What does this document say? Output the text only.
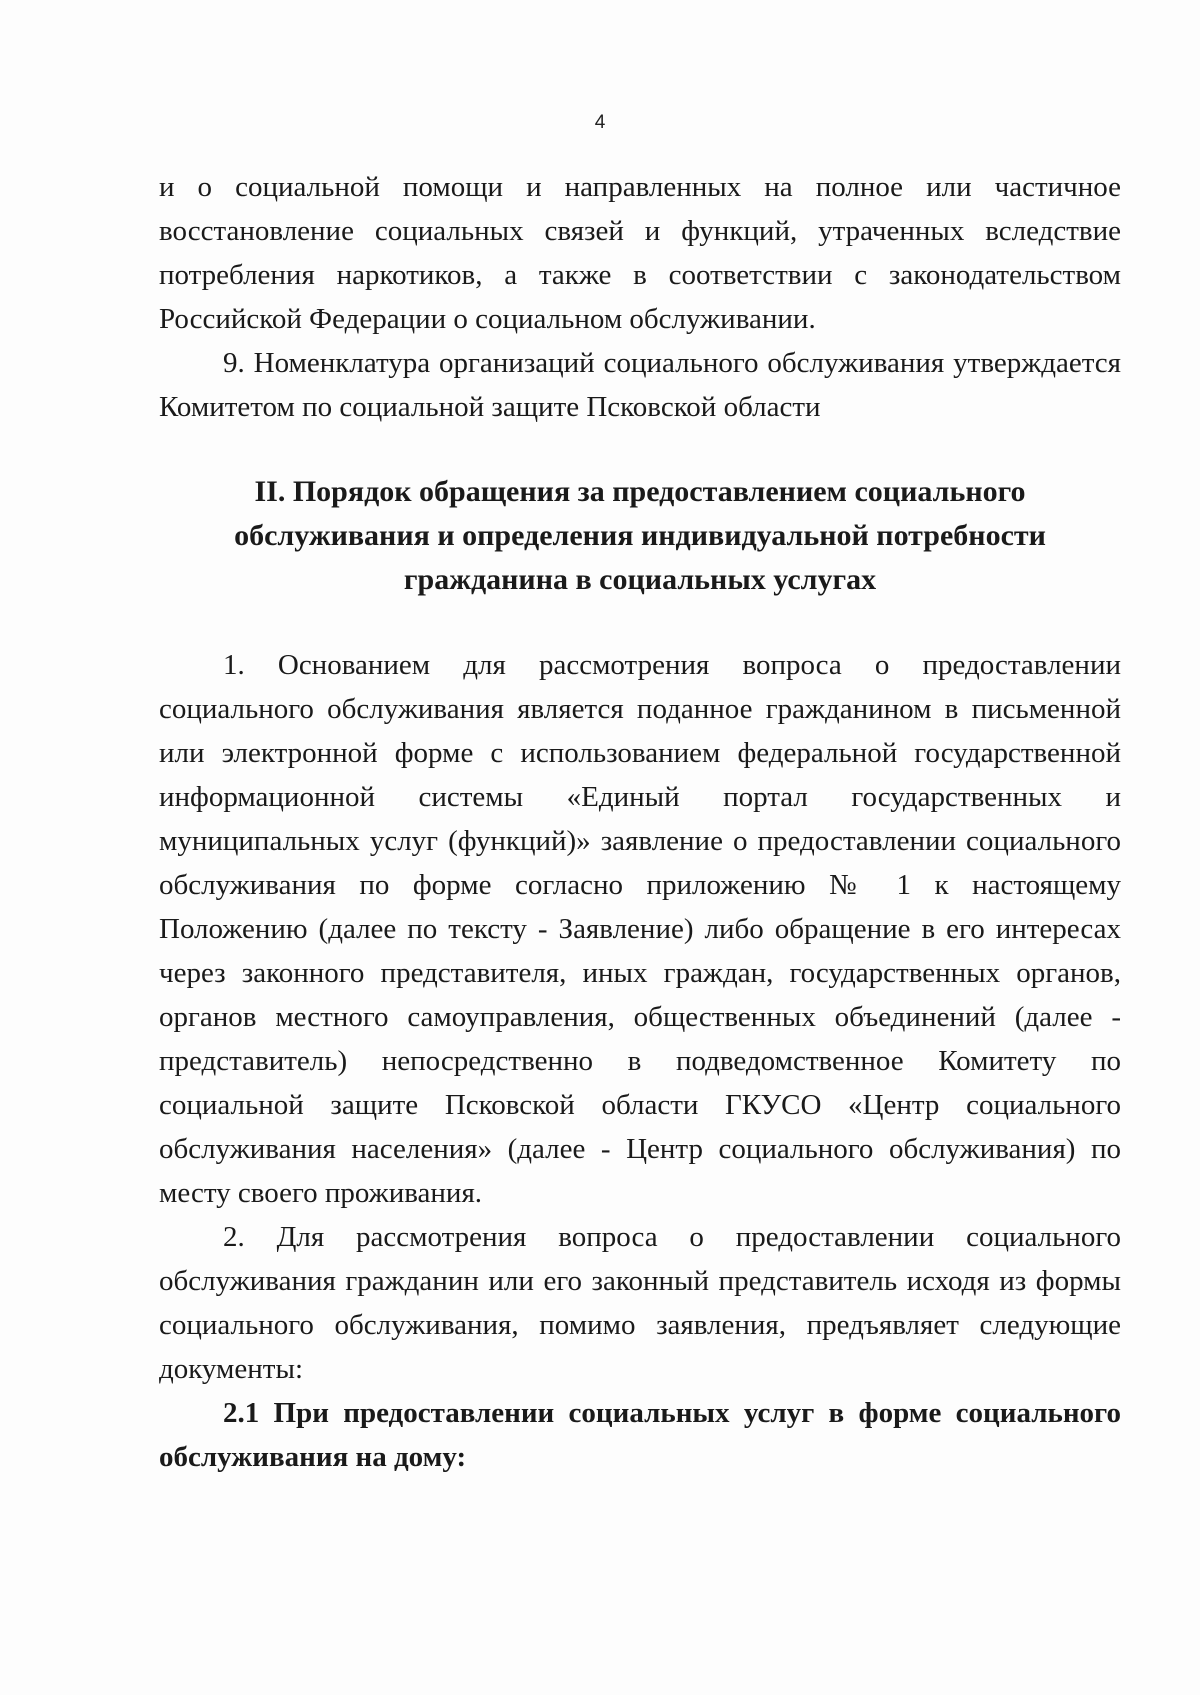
4

и о социальной помощи и направленных на полное или частичное восстановление социальных связей и функций, утраченных вследствие потребления наркотиков, а также в соответствии с законодательством Российской Федерации о социальном обслуживании.

9. Номенклатура организаций социального обслуживания утверждается Комитетом по социальной защите Псковской области

II. Порядок обращения за предоставлением социального
обслуживания и определения индивидуальной потребности
гражданина в социальных услугах

1. Основанием для рассмотрения вопроса о предоставлении социального обслуживания является поданное гражданином в письменной или электронной форме с использованием федеральной государственной информационной системы «Единый портал государственных и муниципальных услуг (функций)» заявление о предоставлении социального обслуживания по форме согласно приложению № 1 к настоящему Положению (далее по тексту - Заявление) либо обращение в его интересах через законного представителя, иных граждан, государственных органов, органов местного самоуправления, общественных объединений (далее - представитель) непосредственно в подведомственное Комитету по социальной защите Псковской области ГКУСО «Центр социального обслуживания населения» (далее - Центр социального обслуживания) по месту своего проживания.

2. Для рассмотрения вопроса о предоставлении социального обслуживания гражданин или его законный представитель исходя из формы социального обслуживания, помимо заявления, предъявляет следующие документы:

2.1 При предоставлении социальных услуг в форме социального обслуживания на дому:
